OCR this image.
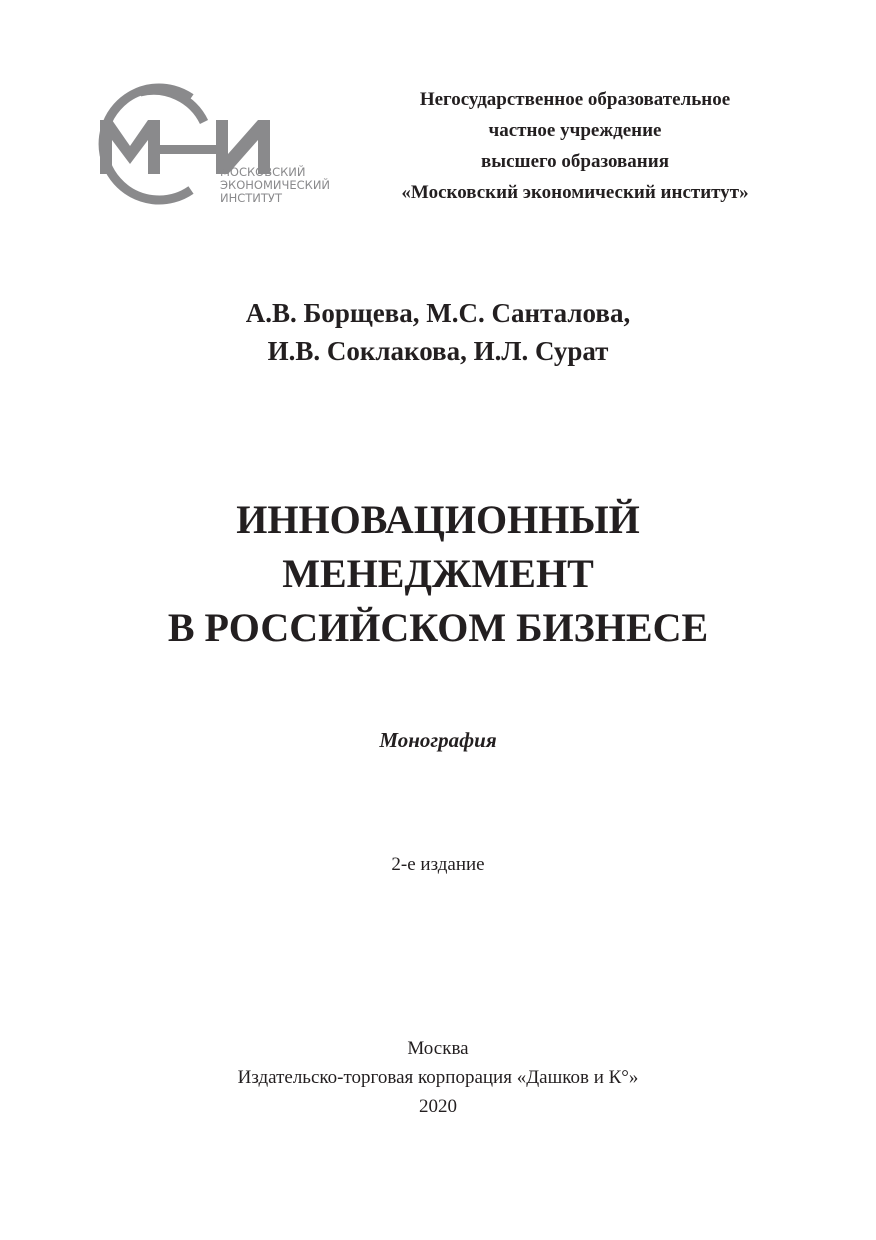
МОСКОВСКИЙ
ЭКОНОМИЧЕСКИЙ
ИНСТИТУТ
Негосударственное образовательное
частное учреждение
высшего образования
«Московский экономический институт»
А.В. Борщева, М.С. Санталова,
И.В. Соклакова, И.Л. Сурат
ИННОВАЦИОННЫЙ
МЕНЕДЖМЕНТ
В РОССИЙСКОМ БИЗНЕСЕ
Монография
2-е издание
Москва
Издательско-торговая корпорация «Дашков и К°»
2020
